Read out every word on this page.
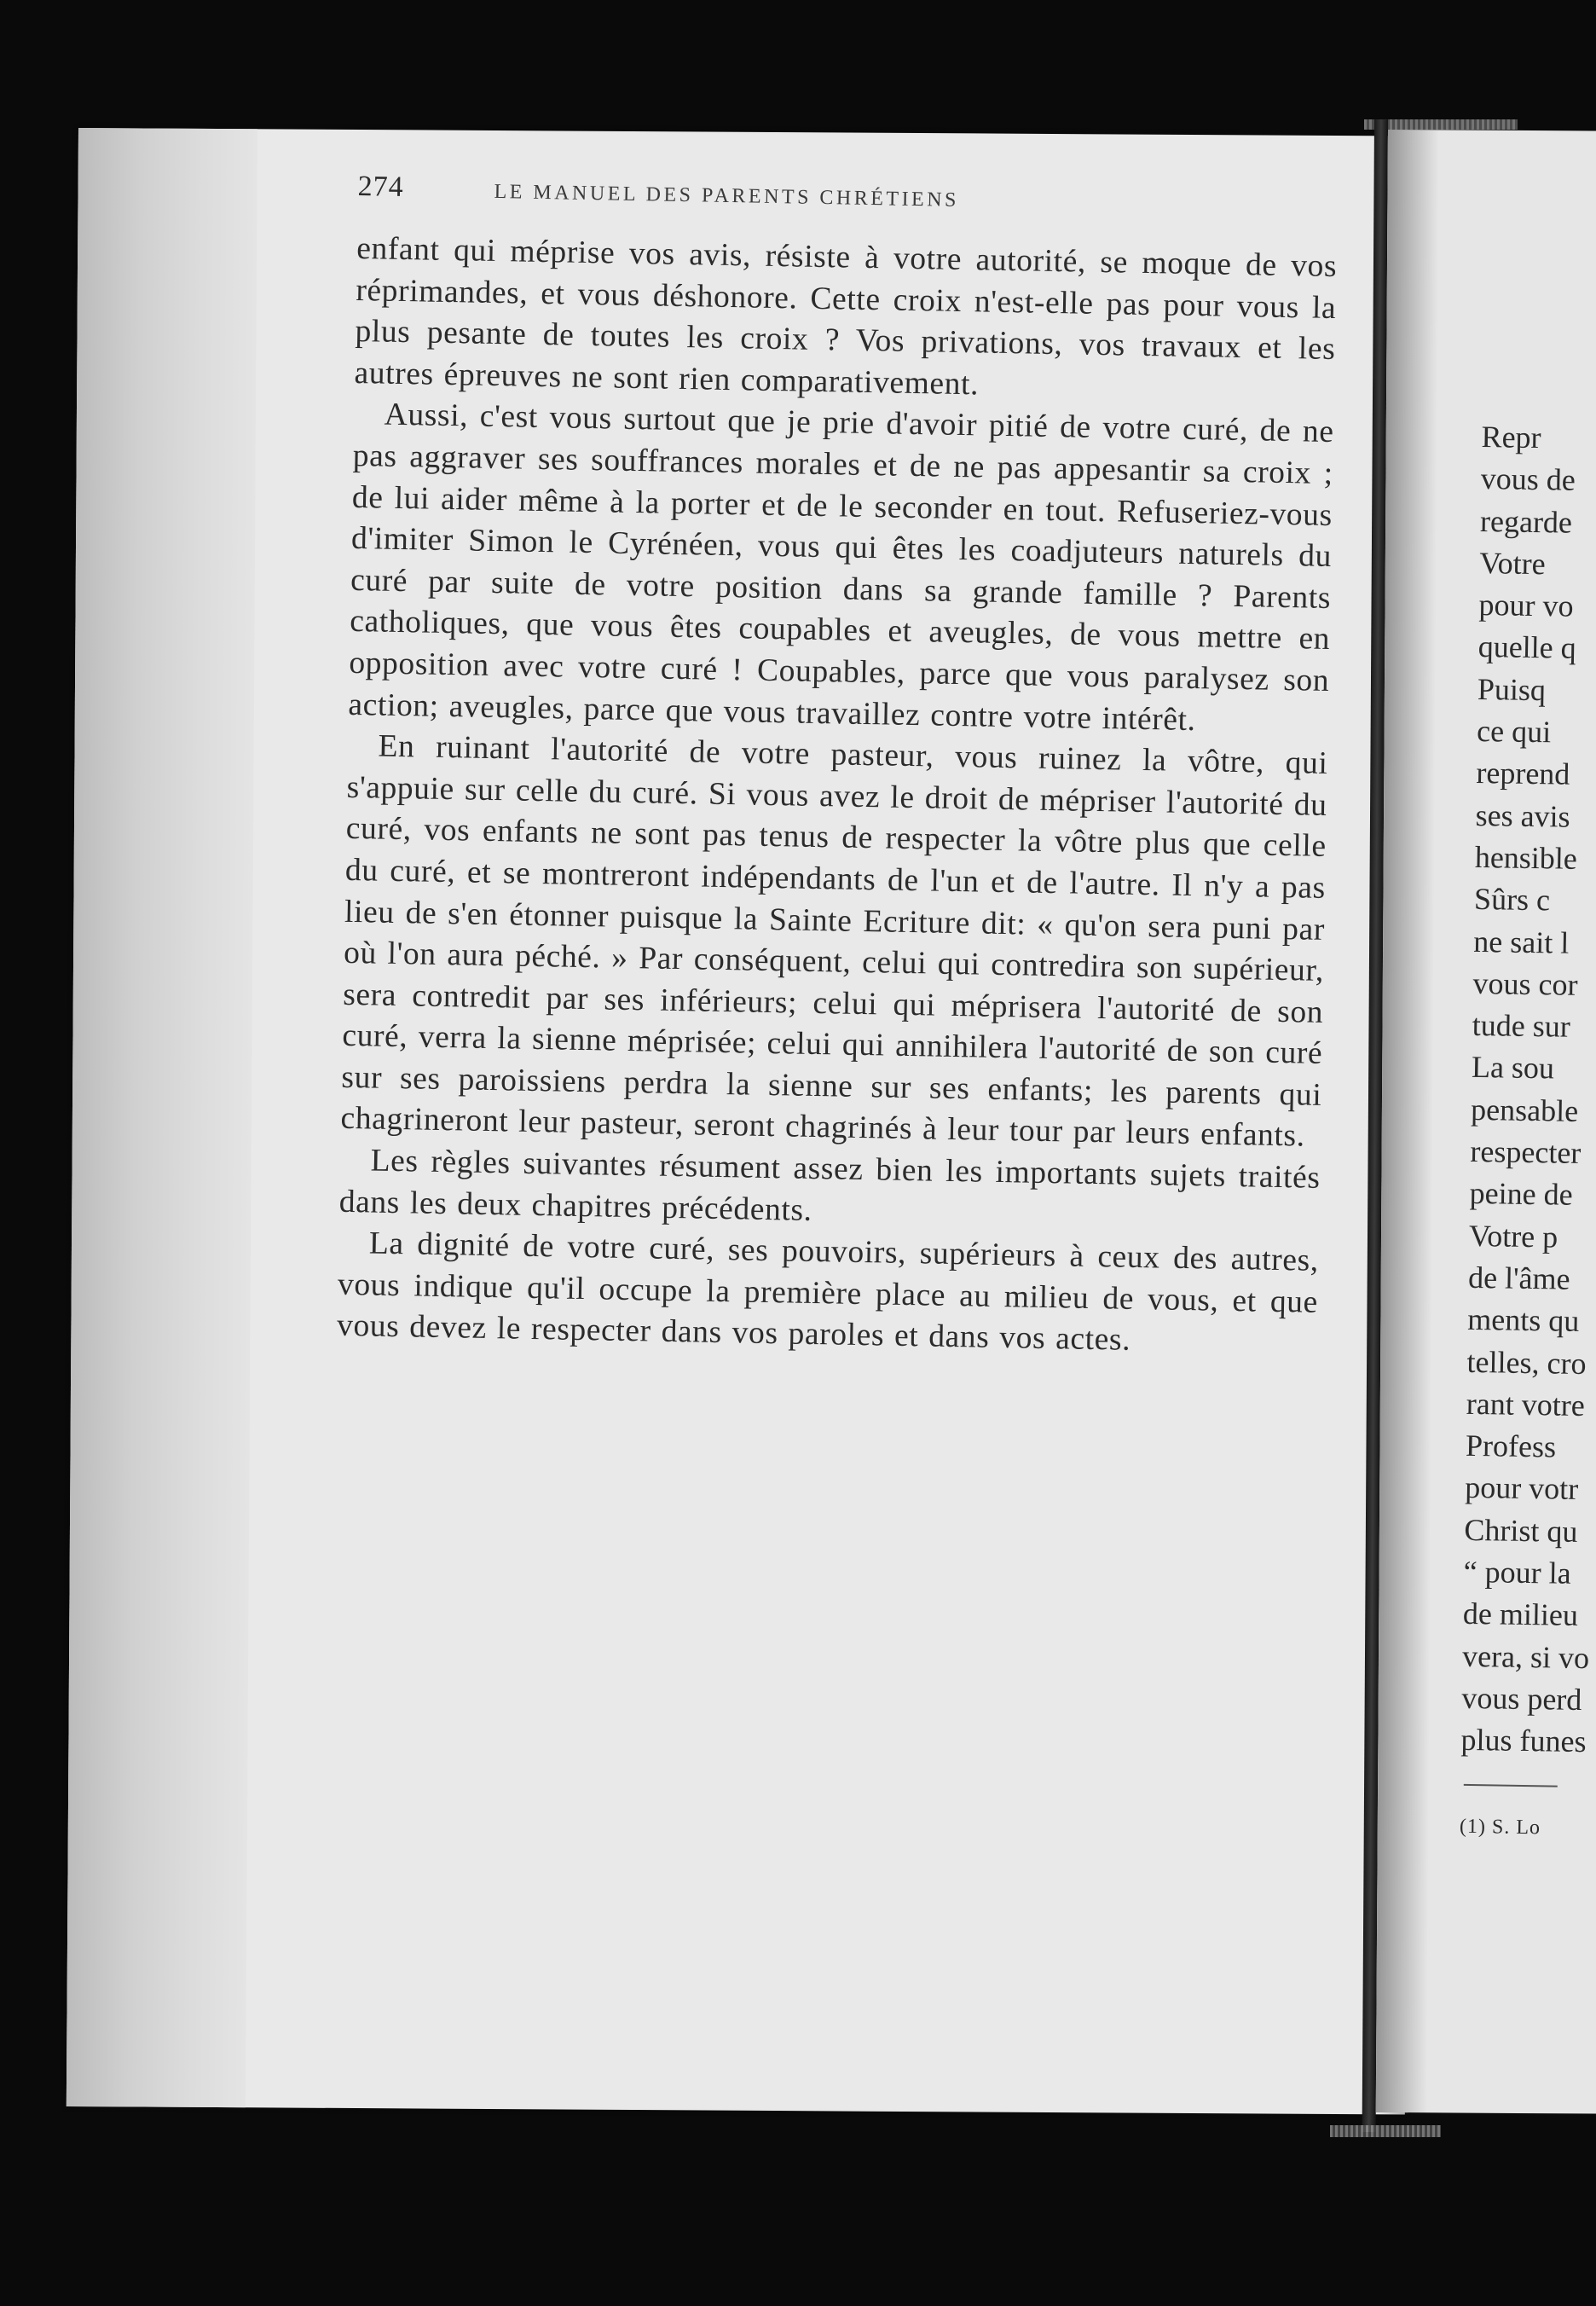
274	LE MANUEL DES PARENTS CHRÉTIENS

enfant qui méprise vos avis, résiste à votre autorité, se moque de vos réprimandes, et vous déshonore. Cette croix n'est-elle pas pour vous la plus pesante de toutes les croix ? Vos privations, vos travaux et les autres épreuves ne sont rien comparativement.

Aussi, c'est vous surtout que je prie d'avoir pitié de votre curé, de ne pas aggraver ses souffrances morales et de ne pas appesantir sa croix ; de lui aider même à la porter et de le seconder en tout. Refuseriez-vous d'imiter Simon le Cyrénéen, vous qui êtes les coadjuteurs naturels du curé par suite de votre position dans sa grande famille ? Parents catholiques, que vous êtes coupables et aveugles, de vous mettre en opposition avec votre curé ! Coupables, parce que vous paralysez son action; aveugles, parce que vous travaillez contre votre intérêt.

En ruinant l'autorité de votre pasteur, vous ruinez la vôtre, qui s'appuie sur celle du curé. Si vous avez le droit de mépriser l'autorité du curé, vos enfants ne sont pas tenus de respecter la vôtre plus que celle du curé, et se montreront indépendants de l'un et de l'autre. Il n'y a pas lieu de s'en étonner puisque la Sainte Ecriture dit: « qu'on sera puni par où l'on aura péché. » Par conséquent, celui qui contredira son supérieur, sera contredit par ses inférieurs; celui qui méprisera l'autorité de son curé, verra la sienne méprisée; celui qui annihilera l'autorité de son curé sur ses paroissiens perdra la sienne sur ses enfants; les parents qui chagrineront leur pasteur, seront chagrinés à leur tour par leurs enfants.

Les règles suivantes résument assez bien les importants sujets traités dans les deux chapitres précédents.

La dignité de votre curé, ses pouvoirs, supérieurs à ceux des autres, vous indique qu'il occupe la première place au milieu de vous, et que vous devez le respecter dans vos paroles et dans vos actes.

Repr
vous de
regarde
Votre
pour vo
quelle q
Puisq
ce qui
reprend
ses avis
hensible
Sûrs c
ne sait l
vous cor
tude sur
La sou
pensable
respecter
peine de
Votre p
de l'âme
ments qu
telles, cro
rant votre
Profess
pour votr
Christ qu
“ pour la
de milieu
vera, si vo
vous perd
plus funes
(1) S. Lo
